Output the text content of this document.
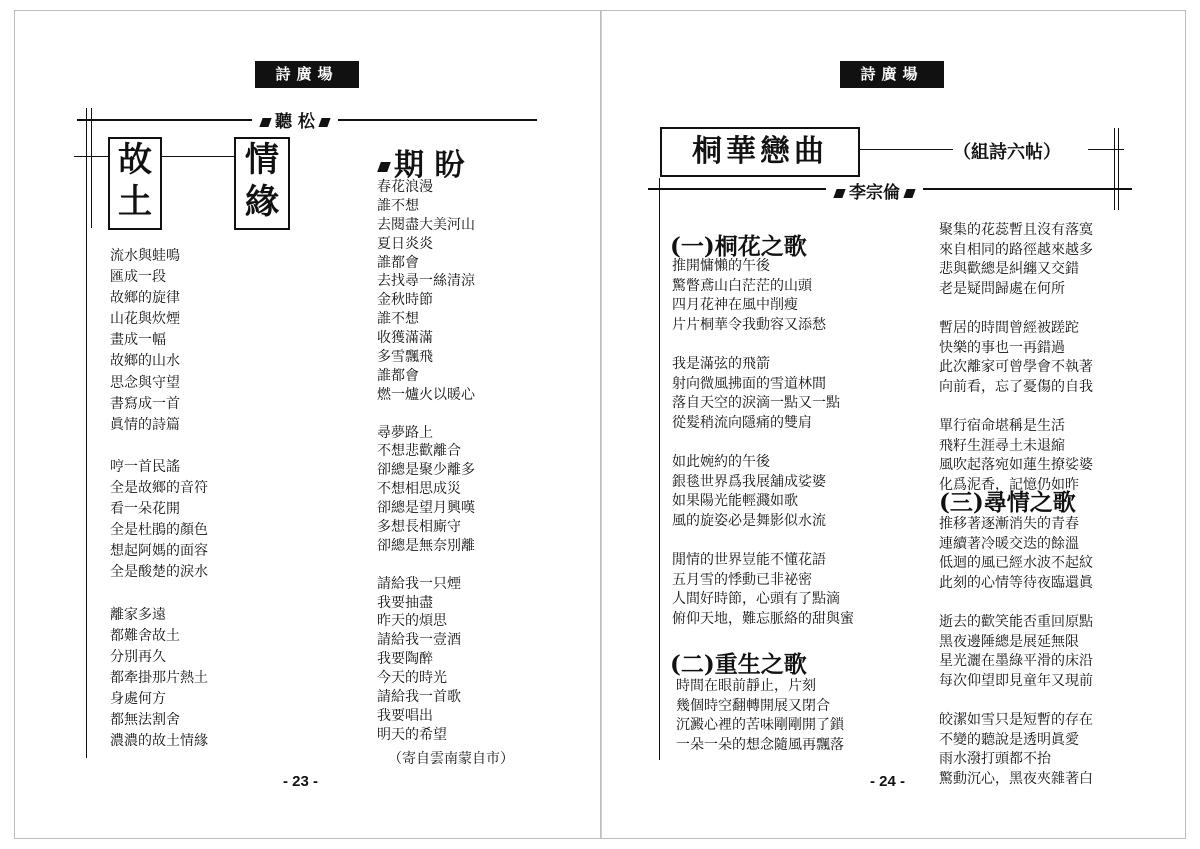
詩廣場
聽 松
故
土
情
緣
流水與蛙鳴
匯成一段
故鄉的旋律
山花與炊煙
畫成一幅
故鄉的山水
思念與守望
書寫成一首
眞情的詩篇
哼一首民謠
全是故鄉的音符
看一朵花開
全是杜鵑的顏色
想起阿媽的面容
全是酸楚的淚水
離家多遠
都難舍故土
分別再久
都牽掛那片熱土
身處何方
都無法割舍
濃濃的故土情緣
期 盼
春花浪漫
誰不想
去閱盡大美河山
夏日炎炎
誰都會
去找尋一絲清涼
金秋時節
誰不想
收獲滿滿
多雪飄飛
誰都會
燃一爐火以暖心
尋夢路上
不想悲歡離合
卻總是聚少離多
不想相思成災
卻總是望月興嘆
多想長相廝守
卻總是無奈別離
請給我一只煙
我要抽盡
昨天的煩思
請給我一壹酒
我要陶醉
今天的時光
請給我一首歌
我要唱出
明天的希望
（寄自雲南蒙自市）
- 23 -
詩廣場
桐華戀曲	（組詩六帖）
李宗倫
(一)桐花之歌
推開慵懶的午後
驚瞥鳶山白茫茫的山頭
四月花神在風中削瘦
片片桐華令我動容又添愁
我是滿弦的飛箭
射向微風拂面的雪道林間
落自天空的淚滴一點又一點
從髮稍流向隱痛的雙肩
如此婉約的午後
銀毯世界爲我展舖成娑婆
如果陽光能輕濺如歌
風的旋姿必是舞影似水流
閒情的世界豈能不懂花語
五月雪的悸動已非祕密
人間好時節，心頭有了點滴
俯仰天地，難忘脈絡的甜與蜜
(二)重生之歌
時間在眼前靜止，片刻
幾個時空翻轉開展又閉合
沉澱心裡的苦味剛剛開了鎖
一朵一朵的想念隨風再飄落
聚集的花蕊暫且沒有落寞
來自相同的路徑越來越多
悲與歡總是糾纏又交錯
老是疑問歸處在何所
暫居的時間曾經被蹉跎
快樂的事也一再錯過
此次離家可曾學會不執著
向前看，忘了憂傷的自我
單行宿命堪稱是生活
飛籽生涯尋土未退縮
風吹起落宛如蓮生撩娑婆
化爲泥香，記憶仍如昨
(三)尋情之歌
推移著逐漸消失的青春
連續著冷暖交迭的餘溫
低迴的風已經水波不起紋
此刻的心情等待夜臨還眞
逝去的歡笑能否重回原點
黑夜邊陲總是展延無限
星光灑在墨綠平滑的床沿
每次仰望即見童年又現前
皎潔如雪只是短暫的存在
不變的聽說是透明眞愛
雨水潑打頭都不抬
驚動沉心，黑夜夾雜著白
- 24 -
